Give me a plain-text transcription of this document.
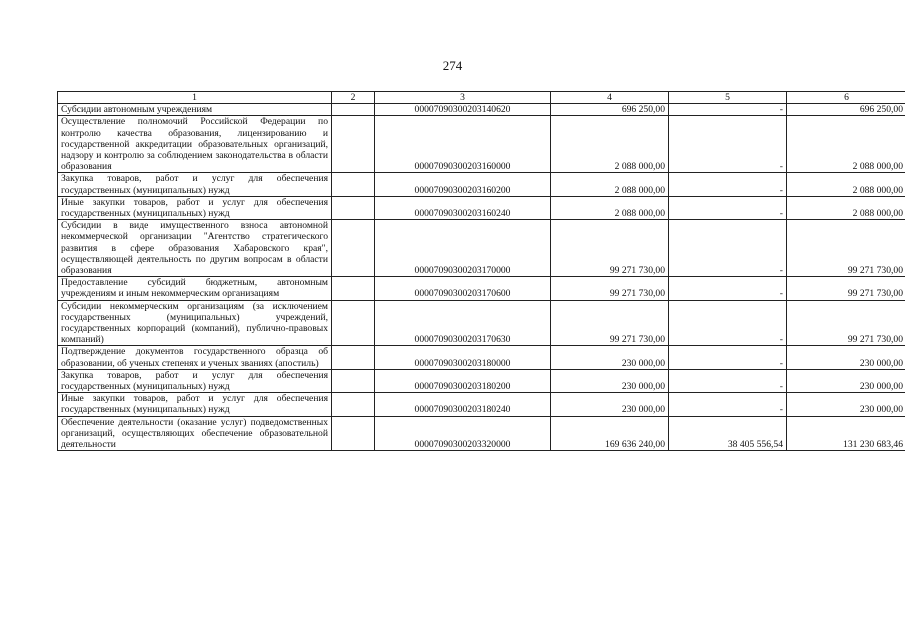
274
1	2	3	4	5	6
Субсидии автономным учреждениям		00007090300203140620	696 250,00	-	696 250,00
Осуществление полномочий Российской Федерации по контролю качества образования, лицензированию и государственной аккредитации образовательных организаций, надзору и контролю за соблюдением законодательства в области образования		00007090300203160000	2 088 000,00	-	2 088 000,00
Закупка товаров, работ и услуг для обеспечения государственных (муниципальных) нужд		00007090300203160200	2 088 000,00	-	2 088 000,00
Иные закупки товаров, работ и услуг для обеспечения государственных (муниципальных) нужд		00007090300203160240	2 088 000,00	-	2 088 000,00
Субсидии в виде имущественного взноса автономной некоммерческой организации "Агентство стратегического развития в сфере образования Хабаровского края", осуществляющей деятельность по другим вопросам в области образования		00007090300203170000	99 271 730,00	-	99 271 730,00
Предоставление субсидий бюджетным, автономным учреждениям и иным некоммерческим организациям		00007090300203170600	99 271 730,00	-	99 271 730,00
Субсидии некоммерческим организациям (за исключением государственных (муниципальных) учреждений, государственных корпораций (компаний), публично-правовых компаний)		00007090300203170630	99 271 730,00	-	99 271 730,00
Подтверждение документов государственного образца об образовании, об ученых степенях и ученых званиях (апостиль)		00007090300203180000	230 000,00	-	230 000,00
Закупка товаров, работ и услуг для обеспечения государственных (муниципальных) нужд		00007090300203180200	230 000,00	-	230 000,00
Иные закупки товаров, работ и услуг для обеспечения государственных (муниципальных) нужд		00007090300203180240	230 000,00	-	230 000,00
Обеспечение деятельности (оказание услуг) подведомственных организаций, осуществляющих обеспечение образовательной деятельности		00007090300203320000	169 636 240,00	38 405 556,54	131 230 683,46
